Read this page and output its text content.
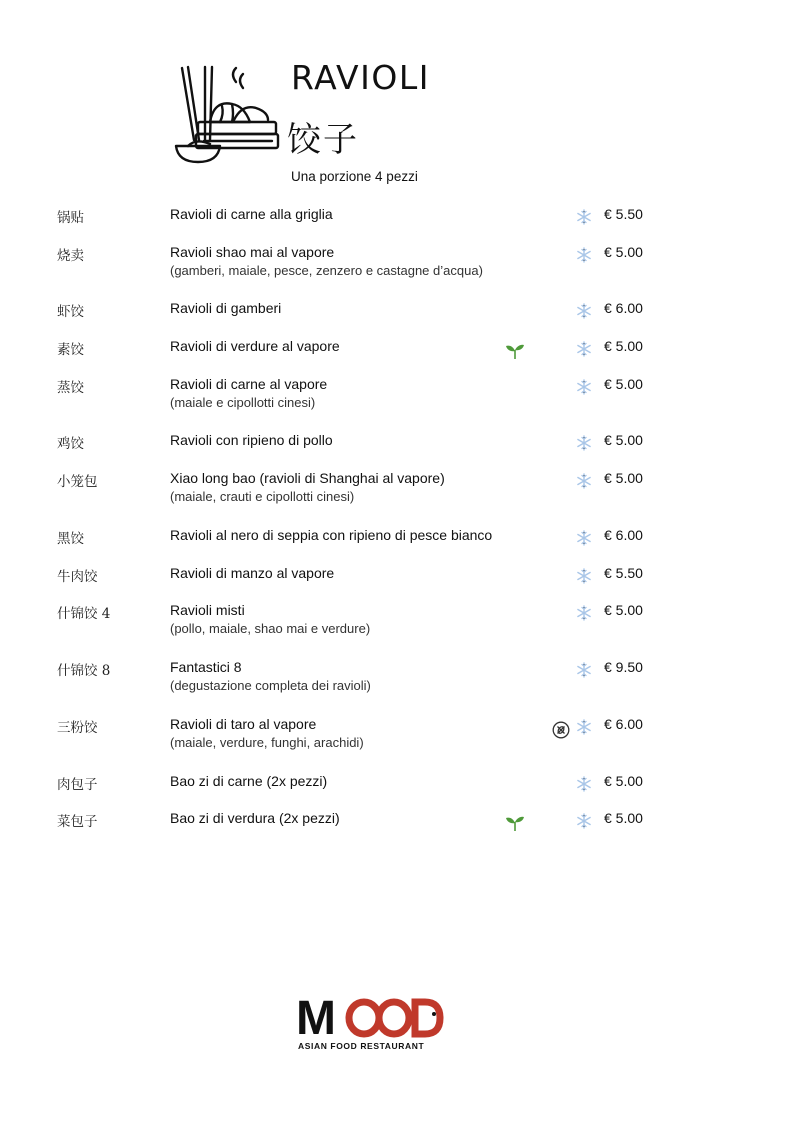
RAVIOLI
饺子
Una porzione 4 pezzi
锅贴	Ravioli di carne alla griglia	€ 5.50
烧卖	Ravioli shao mai al vapore
(gamberi, maiale, pesce, zenzero e castagne d’acqua)
€ 5.00
虾饺	Ravioli di gamberi	€ 6.00
素饺	Ravioli di verdure al vapore	€ 5.00
蒸饺	Ravioli di carne al vapore
(maiale e cipollotti cinesi)
€ 5.00
鸡饺	Ravioli con ripieno di pollo	€ 5.00
小笼包	Xiao long bao (ravioli di Shanghai al vapore)
(maiale, crauti e cipollotti cinesi)
€ 5.00
黑饺	Ravioli al nero di seppia con ripieno di pesce bianco	€ 6.00
牛肉饺	Ravioli di manzo al vapore	€ 5.50
什锦饺 4	Ravioli misti
(pollo, maiale, shao mai e verdure)
€ 5.00
什锦饺 8	Fantastici 8
(degustazione completa dei ravioli)
€ 9.50
三粉饺	Ravioli di taro al vapore
(maiale, verdure, funghi, arachidi)
€ 6.00
肉包子	Bao zi di carne (2x pezzi)	€ 5.00
菜包子	Bao zi di verdura (2x pezzi)	€ 5.00
M
ASIAN FOOD RESTAURANT
